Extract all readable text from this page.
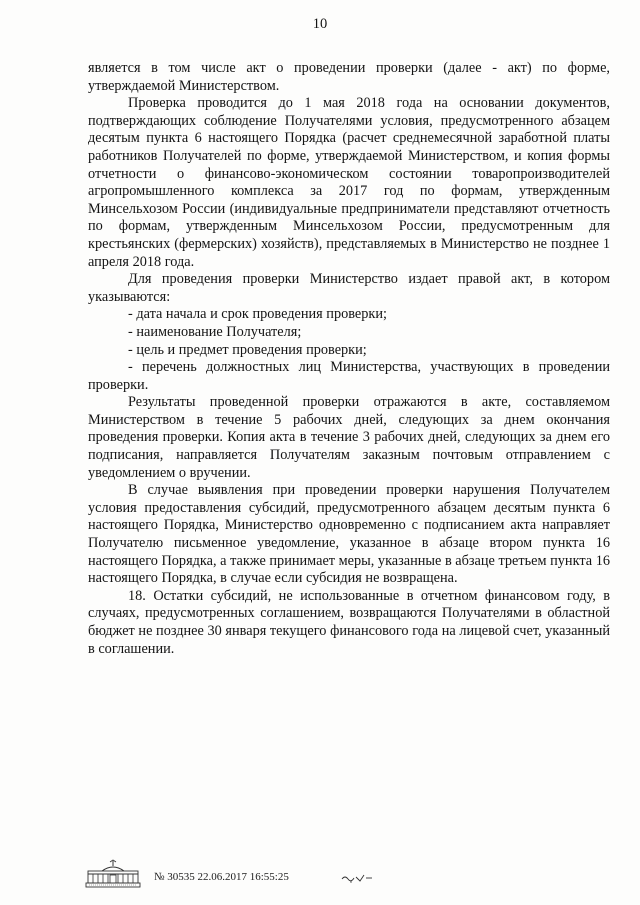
10

является в том числе акт о проведении проверки (далее - акт) по форме, утверждаемой Министерством.

Проверка проводится до 1 мая 2018 года на основании документов, подтверждающих соблюдение Получателями условия, предусмотренного абзацем десятым пункта 6 настоящего Порядка (расчет среднемесячной заработной платы работников Получателей по форме, утверждаемой Министерством, и копия формы отчетности о финансово-экономическом состоянии товаропроизводителей агропромышленного комплекса за 2017 год по формам, утвержденным Минсельхозом России (индивидуальные предприниматели представляют отчетность по формам, утвержденным Минсельхозом России, предусмотренным для крестьянских (фермерских) хозяйств), представляемых в Министерство не позднее 1 апреля 2018 года.

Для проведения проверки Министерство издает правой акт, в котором указываются:

- дата начала и срок проведения проверки;

- наименование Получателя;

- цель и предмет проведения проверки;

- перечень должностных лиц Министерства, участвующих в проведении проверки.

Результаты проведенной проверки отражаются в акте, составляемом Министерством в течение 5 рабочих дней, следующих за днем окончания проведения проверки. Копия акта в течение 3 рабочих дней, следующих за днем его подписания, направляется Получателям заказным почтовым отправлением с уведомлением о вручении.

В случае выявления при проведении проверки нарушения Получателем условия предоставления субсидий, предусмотренного абзацем десятым пункта 6 настоящего Порядка, Министерство одновременно с подписанием акта направляет Получателю письменное уведомление, указанное в абзаце втором пункта 16 настоящего Порядка, а также принимает меры, указанные в абзаце третьем пункта 16 настоящего Порядка, в случае если субсидия не возвращена.

18. Остатки субсидий, не использованные в отчетном финансовом году, в случаях, предусмотренных соглашением, возвращаются Получателями в областной бюджет не позднее 30 января текущего финансового года на лицевой счет, указанный в соглашении.

№ 30535 22.06.2017 16:55:25
